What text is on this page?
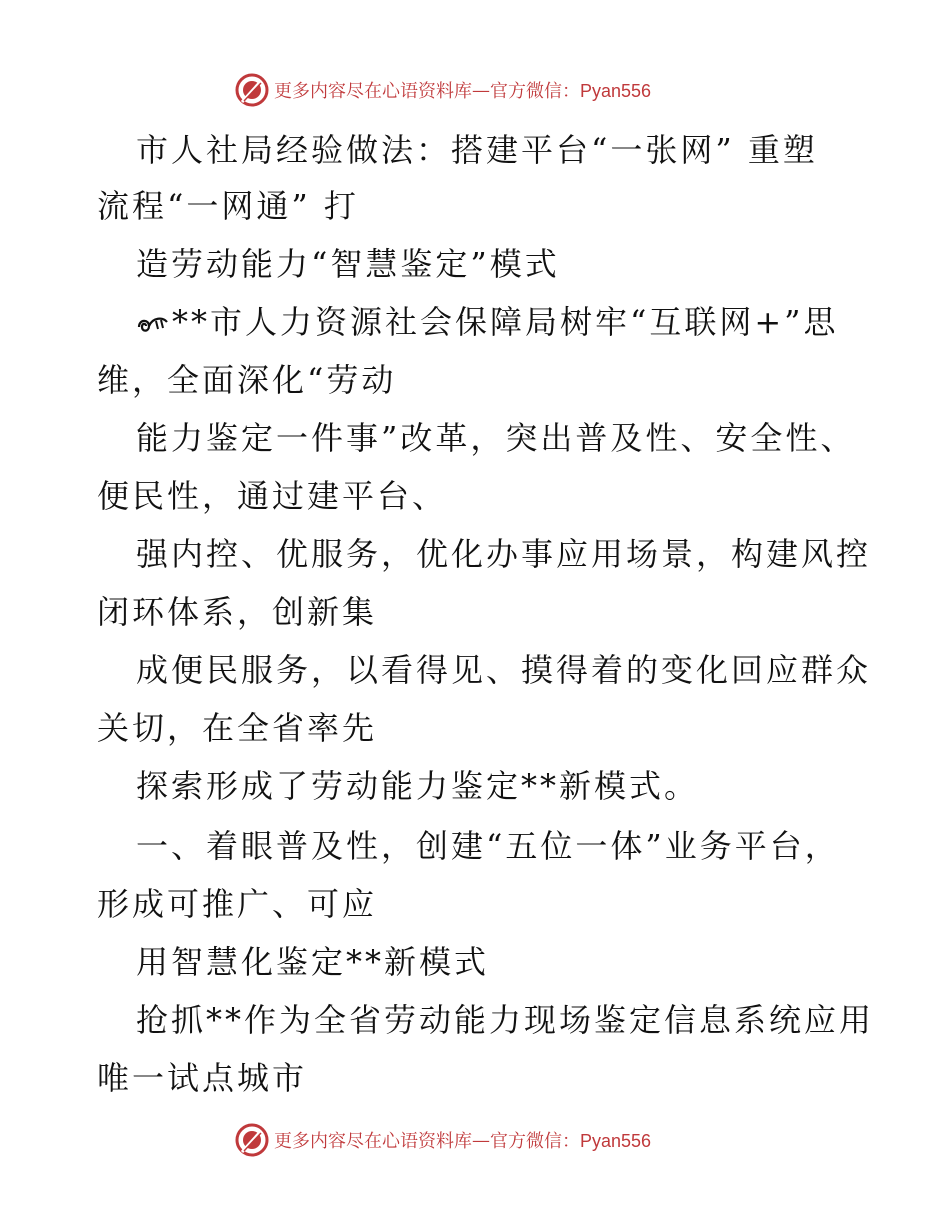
更多内容尽在心语资料库 — 官方微信：Pyan556
市人社局经验做法：搭建平台“一张网” 重塑
流程“一网通” 打
造劳动能力“智慧鉴定”模式
**市人力资源社会保障局树牢“互联网+”思
维，全面深化“劳动
能力鉴定一件事”改革，突出普及性、安全性、
便民性，通过建平台、
强内控、优服务，优化办事应用场景，构建风控
闭环体系，创新集
成便民服务，以看得见、摸得着的变化回应群众
关切，在全省率先
探索形成了劳动能力鉴定**新模式。
一、着眼普及性，创建“五位一体”业务平台，
形成可推广、可应
用智慧化鉴定**新模式
抢抓**作为全省劳动能力现场鉴定信息系统应用
唯一试点城市
更多内容尽在心语资料库 — 官方微信：Pyan556
